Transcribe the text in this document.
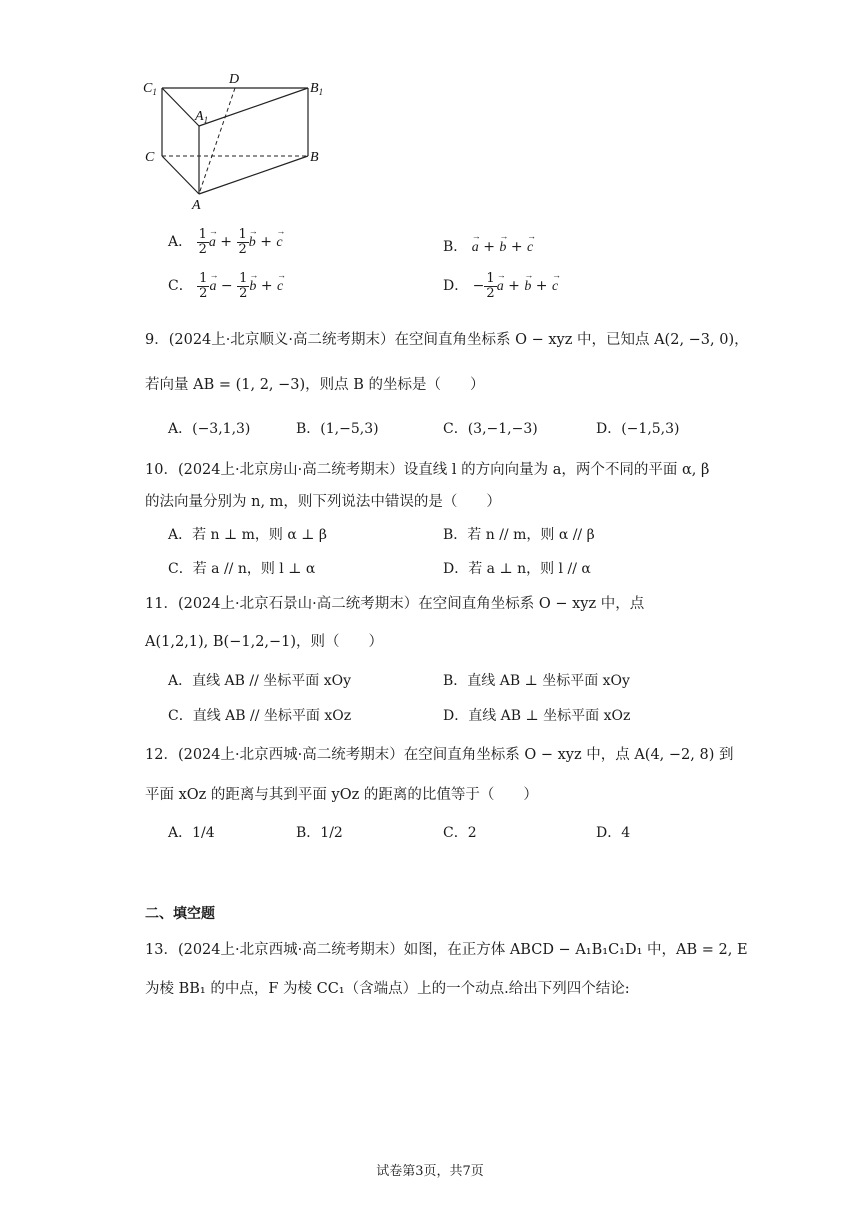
$C_1$
D
$B_1$
$A_1$
C	B
A
A． $\frac{1}{2}$
→ $a + \frac{1}{2}$
→ b + → c	B． → a + → b + → c
C． $\frac{1}{2}$
→ $a - \frac{1}{2}$
→ b + → c	D． − $\frac{1}{2}$
→ a + → b + → c
9．(2024上·北京顺义·高二统考期末）在空间直角坐标系 O − xyz 中，已知点 A(2, −3, 0)，
若向量 AB = (1, 2, −3)，则点 B 的坐标是（　　）
A．(−3,1,3)	B．(1,−5,3)	C．(3,−1,−3)	D．(−1,5,3)
10．(2024上·北京房山·高二统考期末）设直线 l 的方向向量为 a，两个不同的平面 α, β
的法向量分别为 n, m，则下列说法中错误的是（　　）
A．若 n ⊥ m，则 α ⊥ β	B．若 n // m，则 α // β
C．若 a // n，则 l ⊥ α	D．若 a ⊥ n，则 l // α
11．(2024上·北京石景山·高二统考期末）在空间直角坐标系 O − xyz 中，点
A(1,2,1), B(−1,2,−1)，则（　　）
A．直线 AB // 坐标平面 xOy	B．直线 AB ⊥ 坐标平面 xOy
C．直线 AB // 坐标平面 xOz	D．直线 AB ⊥ 坐标平面 xOz
12．(2024上·北京西城·高二统考期末）在空间直角坐标系 O − xyz 中，点 A(4, −2, 8) 到
平面 xOz 的距离与其到平面 yOz 的距离的比值等于（　　）
A．1/4	B．1/2	C．2	D．4
二、填空题
13．(2024上·北京西城·高二统考期末）如图，在正方体 ABCD − A₁B₁C₁D₁ 中，AB = 2, E
为棱 BB₁ 的中点，F 为棱 CC₁（含端点）上的一个动点.给出下列四个结论:
试卷第3页，共7页
